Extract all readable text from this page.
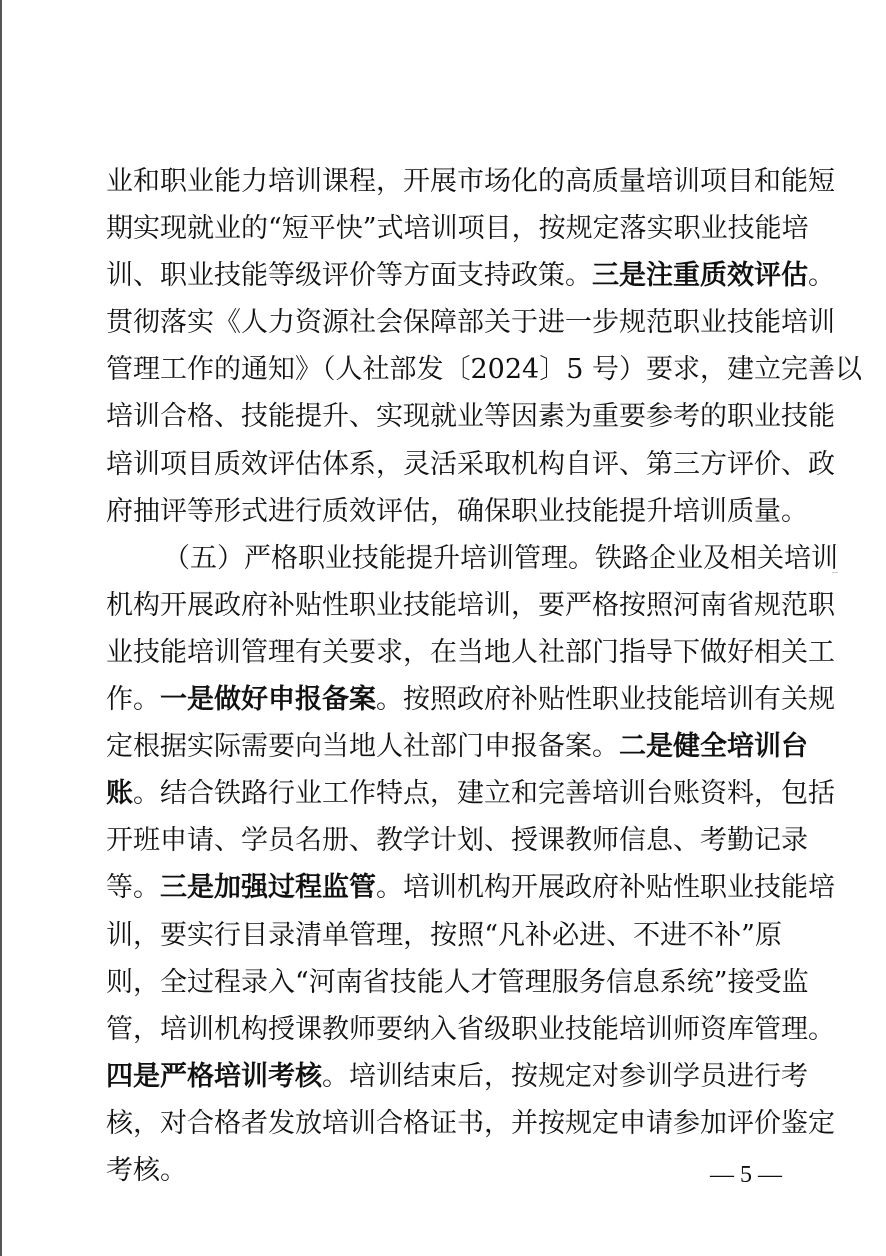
业和职业能力培训课程，开展市场化的高质量培训项目和能短
期实现就业的“短平快”式培训项目，按规定落实职业技能培
训、职业技能等级评价等方面支持政策。三是注重质效评估。
贯彻落实《人力资源社会保障部关于进一步规范职业技能培训
管理工作的通知》（人社部发〔2024〕5 号）要求，建立完善以
培训合格、技能提升、实现就业等因素为重要参考的职业技能
培训项目质效评估体系，灵活采取机构自评、第三方评价、政
府抽评等形式进行质效评估，确保职业技能提升培训质量。
（五）严格职业技能提升培训管理。铁路企业及相关培训
机构开展政府补贴性职业技能培训，要严格按照河南省规范职
业技能培训管理有关要求，在当地人社部门指导下做好相关工
作。一是做好申报备案。按照政府补贴性职业技能培训有关规
定根据实际需要向当地人社部门申报备案。二是健全培训台
账。结合铁路行业工作特点，建立和完善培训台账资料，包括
开班申请、学员名册、教学计划、授课教师信息、考勤记录
等。三是加强过程监管。培训机构开展政府补贴性职业技能培
训，要实行目录清单管理，按照“凡补必进、不进不补”原
则，全过程录入“河南省技能人才管理服务信息系统”接受监
管，培训机构授课教师要纳入省级职业技能培训师资库管理。
四是严格培训考核。培训结束后，按规定对参训学员进行考
核，对合格者发放培训合格证书，并按规定申请参加评价鉴定
考核。	— 5 —
